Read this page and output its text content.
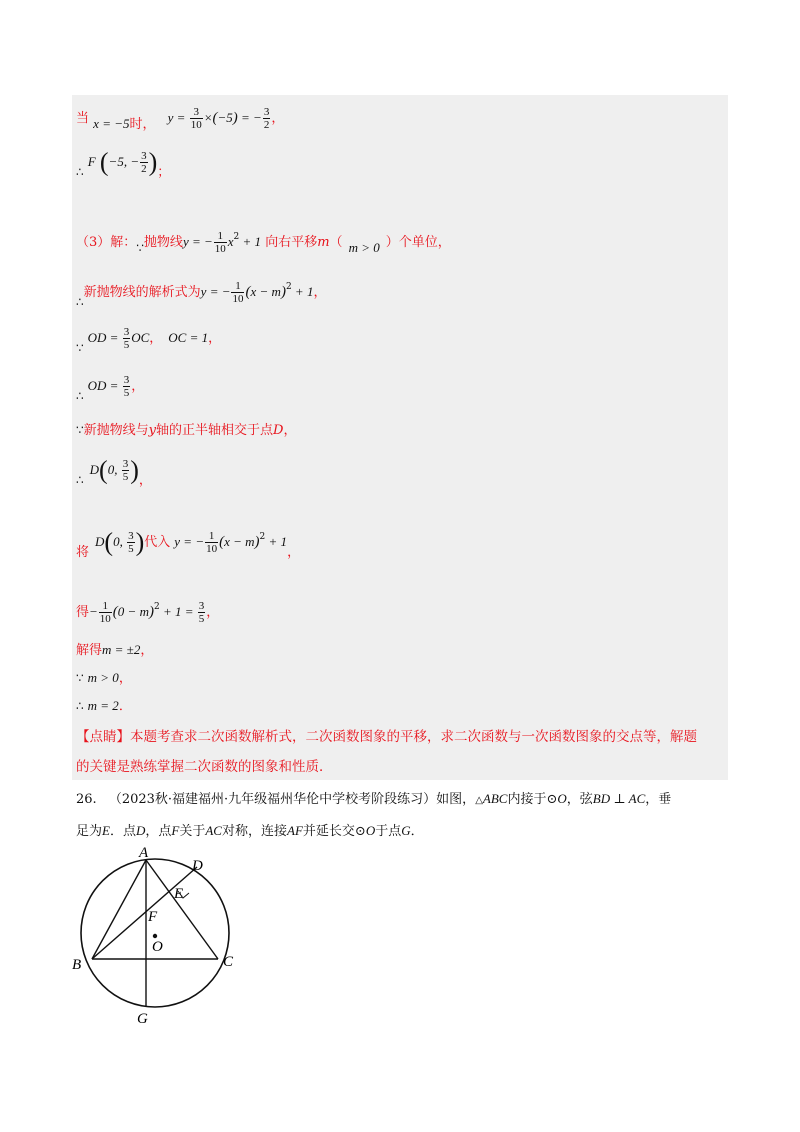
当 x = −5时， $y = \frac{3}{10} \times(-5)$ = − $\frac{3}{2}$ ，
∴ F (−5, − $\frac{3}{2}$ )；
（3）解：∵抛物线y = − $\frac{1}{10} x^2 + 1$ 向右平移m（ m > 0 ）个单位，
∴新抛物线的解析式为y = − $\frac{1}{10} (x - m)^2 + 1$，
∵OD = $\frac{3}{5}$ OC， OC = 1，
∴OD = $\frac{3}{5}$ ，
∵新抛物线与y轴的正半轴相交于点D，
∴D(0, $\frac{3}{5}$ )，
将D(0, $\frac{3}{5}$ )代入 y = − $\frac{1}{10} (x - m)^2 + 1$，
得− $\frac{1}{10} (0 - m)^2 + 1 = \frac{3}{5}$ ，
解得m = ±2，
∵ m > 0，
∴ m = 2．
【点睛】本题考查求二次函数解析式，二次函数图象的平移，求二次函数与一次函数图象的交点等，解题
的关键是熟练掌握二次函数的图象和性质．
26. （2023秋·福建福州·九年级福州华伦中学校考阶段练习）如图，△ABC内接于⊙O，弦BD ⊥ AC，垂
足为E．点D，点F关于AC对称，连接AF并延长交⊙O于点G．
A
B	C
D
E
F
O
G
